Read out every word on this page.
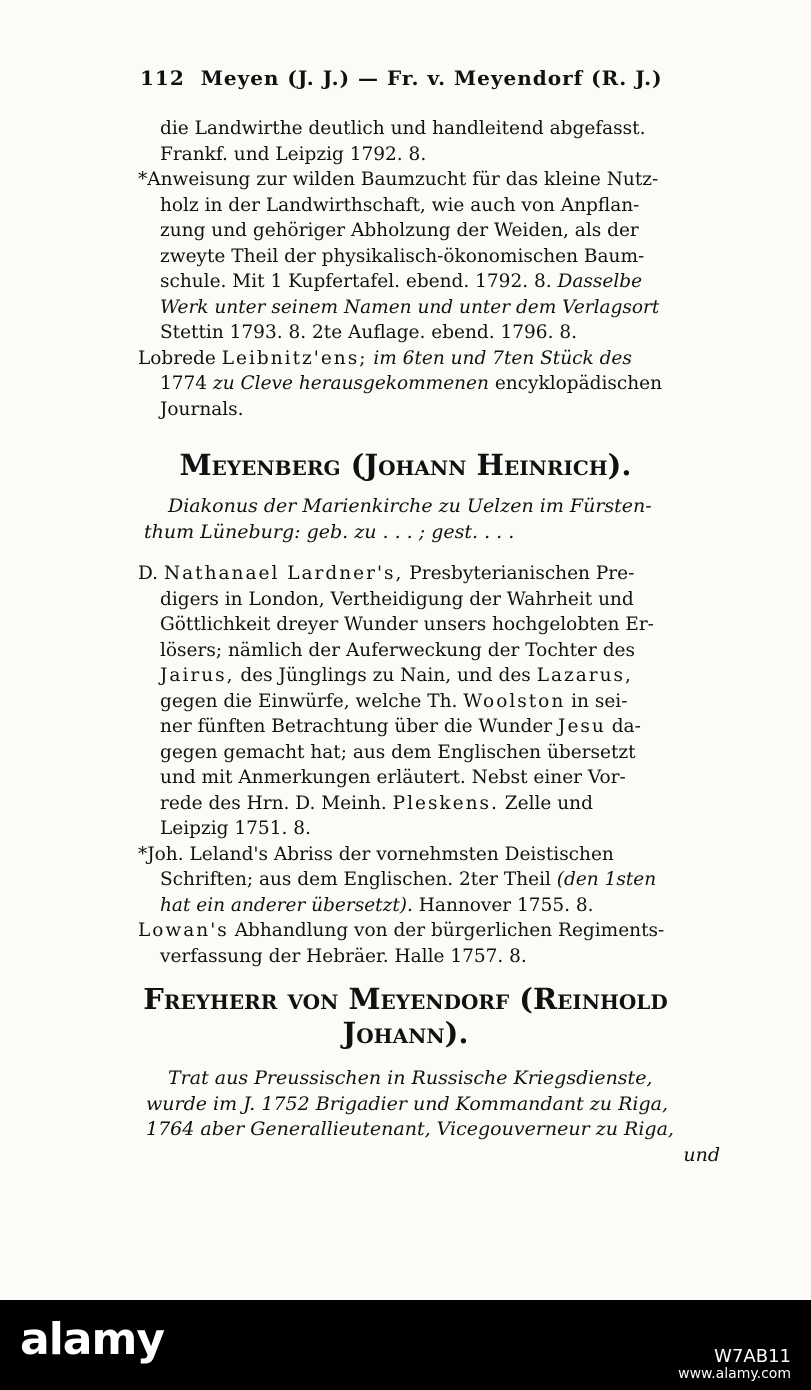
112 Meyen (J. J.) — Fr. v. Meyendorf (R. J.)
die Landwirthe deutlich und handleitend abgefasst.
Frankf. und Leipzig 1792. 8.
*Anweisung zur wilden Baumzucht für das kleine Nutz-
holz in der Landwirthschaft, wie auch von Anpflan-
zung und gehöriger Abholzung der Weiden, als der
zweyte Theil der physikalisch-ökonomischen Baum-
schule. Mit 1 Kupfertafel. ebend. 1792. 8. Dasselbe
Werk unter seinem Namen und unter dem Verlagsort
Stettin 1793. 8. 2te Auflage. ebend. 1796. 8.
Lobrede Leibnitz'ens; im 6ten und 7ten Stück des
1774 zu Cleve herausgekommenen encyklopädischen
Journals.
Meyenberg (Johann Heinrich).
Diakonus der Marienkirche zu Uelzen im Fürsten-
thum Lüneburg: geb. zu . . . ; gest. . . .
D. Nathanael Lardner's, Presbyterianischen Pre-
digers in London, Vertheidigung der Wahrheit und
Göttlichkeit dreyer Wunder unsers hochgelobten Er-
lösers; nämlich der Auferweckung der Tochter des
Jairus, des Jünglings zu Nain, und des Lazarus,
gegen die Einwürfe, welche Th. Woolston in sei-
ner fünften Betrachtung über die Wunder Jesu da-
gegen gemacht hat; aus dem Englischen übersetzt
und mit Anmerkungen erläutert. Nebst einer Vor-
rede des Hrn. D. Meinh. Pleskens. Zelle und
Leipzig 1751. 8.
*Joh. Leland's Abriss der vornehmsten Deistischen
Schriften; aus dem Englischen. 2ter Theil (den 1sten
hat ein anderer übersetzt). Hannover 1755. 8.
Lowan's Abhandlung von der bürgerlichen Regiments-
verfassung der Hebräer. Halle 1757. 8.
Freyherr von Meyendorf (Reinhold
Johann).
Trat aus Preussischen in Russische Kriegsdienste,
wurde im J. 1752 Brigadier und Kommandant zu Riga,
1764 aber Generallieutenant, Vicegouverneur zu Riga,
und
alamy	W7AB11
www.alamy.com
